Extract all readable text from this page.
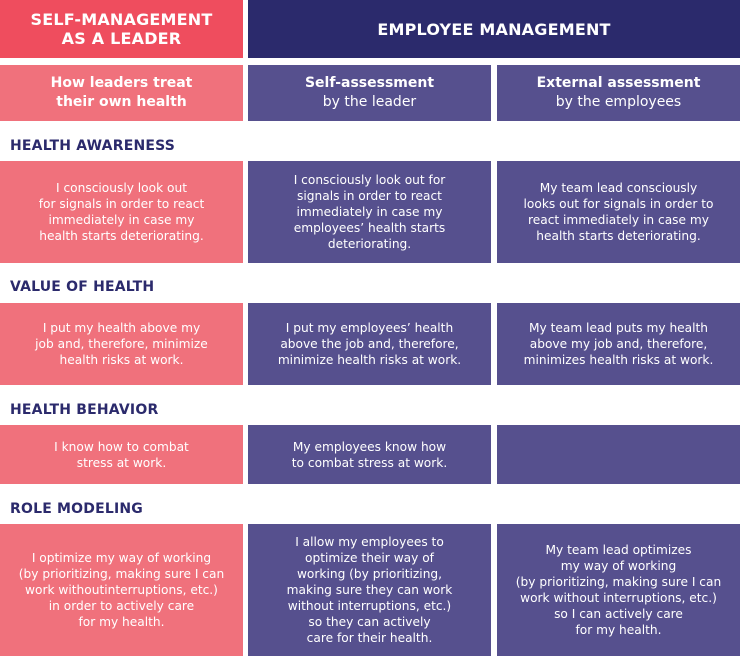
SELF-MANAGEMENT
AS A LEADER	EMPLOYEE MANAGEMENT
How leaders treat
their own health
Self-assessment
by the leader
External assessment
by the employees
HEALTH AWARENESS
I consciously look out
for signals in order to react
immediately in case my
health starts deteriorating.
I consciously look out for
signals in order to react
immediately in case my
employees’ health starts
deteriorating.
My team lead consciously
looks out for signals in order to
react immediately in case my
health starts deteriorating.
VALUE OF HEALTH
I put my health above my
job and, therefore, minimize
health risks at work.
I put my employees’ health
above the job and, therefore,
minimize health risks at work.
My team lead puts my health
above my job and, therefore,
minimizes health risks at work.
HEALTH BEHAVIOR
I know how to combat
stress at work.
My employees know how
to combat stress at work.
ROLE MODELING
I optimize my way of working
(by prioritizing, making sure I can
work withoutinterruptions, etc.)
in order to actively care
for my health.
I allow my employees to
optimize their way of
working (by prioritizing,
making sure they can work
without interruptions, etc.)
so they can actively
care for their health.
My team lead optimizes
my way of working
(by prioritizing, making sure I can
work without interruptions, etc.)
so I can actively care
for my health.
